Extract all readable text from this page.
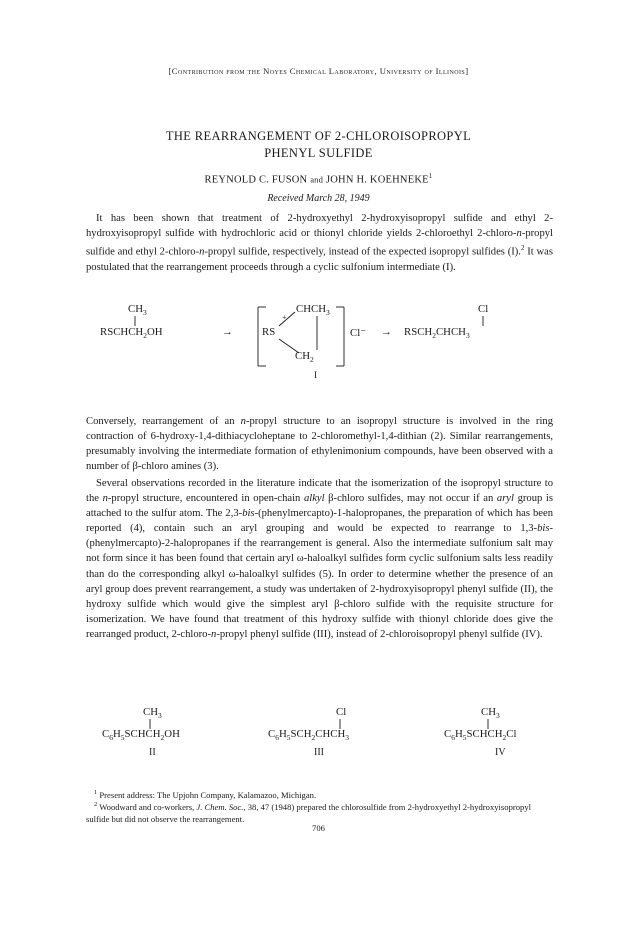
[Contribution from the Noyes Chemical Laboratory, University of Illinois]
THE REARRANGEMENT OF 2-CHLOROISOPROPYL
PHENYL SULFIDE
REYNOLD C. FUSON and JOHN H. KOEHNEKE$^1$
Received March 28, 1949
It has been shown that treatment of 2-hydroxyethyl 2-hydroxyisopropyl sulfide and ethyl 2-hydroxyisopropyl sulfide with hydrochloric acid or thionyl chloride yields 2-chloroethyl 2-chloro-n-propyl sulfide and ethyl 2-chloro-n-propyl sulfide, respectively, instead of the expected isopropyl sulfides (I).$^2$ It was postulated that the rearrangement proceeds through a cyclic sulfonium intermediate (I).
$CH_3$
$RSCHCH_2OH$	→
$CHCH_3$
+
RS
$CH_2$
Cl⁻ →
Cl
$RSCH_2CHCH_3$
I
Conversely, rearrangement of an n-propyl structure to an isopropyl structure is involved in the ring contraction of 6-hydroxy-1,4-dithiacycloheptane to 2-chloromethyl-1,4-dithian (2). Similar rearrangements, presumably involving the intermediate formation of ethylenimonium compounds, have been observed with a number of β-chloro amines (3).
Several observations recorded in the literature indicate that the isomerization of the isopropyl structure to the n-propyl structure, encountered in open-chain alkyl β-chloro sulfides, may not occur if an aryl group is attached to the sulfur atom. The 2,3-bis-(phenylmercapto)-1-halopropanes, the preparation of which has been reported (4), contain such an aryl grouping and would be expected to rearrange to 1,3-bis-(phenylmercapto)-2-halopropanes if the rearrangement is general. Also the intermediate sulfonium salt may not form since it has been found that certain aryl ω-haloalkyl sulfides form cyclic sulfonium salts less readily than do the corresponding alkyl ω-haloalkyl sulfides (5). In order to determine whether the presence of an aryl group does prevent rearrangement, a study was undertaken of 2-hydroxyisopropyl phenyl sulfide (II), the hydroxy sulfide which would give the simplest aryl β-chloro sulfide with the requisite structure for isomerization. We have found that treatment of this hydroxy sulfide with thionyl chloride does give the rearranged product, 2-chloro-n-propyl phenyl sulfide (III), instead of 2-chloroisopropyl phenyl sulfide (IV).
$CH_3$
$C_6H_5SCHCH_2OH$
II
Cl
$C_6H_5SCH_2CHCH_3$
III
$CH_3$
$C_6H_5SCHCH_2Cl$
IV
$^1$ Present address: The Upjohn Company, Kalamazoo, Michigan.
$^2$ Woodward and co-workers, J. Chem. Soc., 38, 47 (1948) prepared the chlorosulfide from 2-hydroxyethyl 2-hydroxyisopropyl sulfide but did not observe the rearrangement.
706
